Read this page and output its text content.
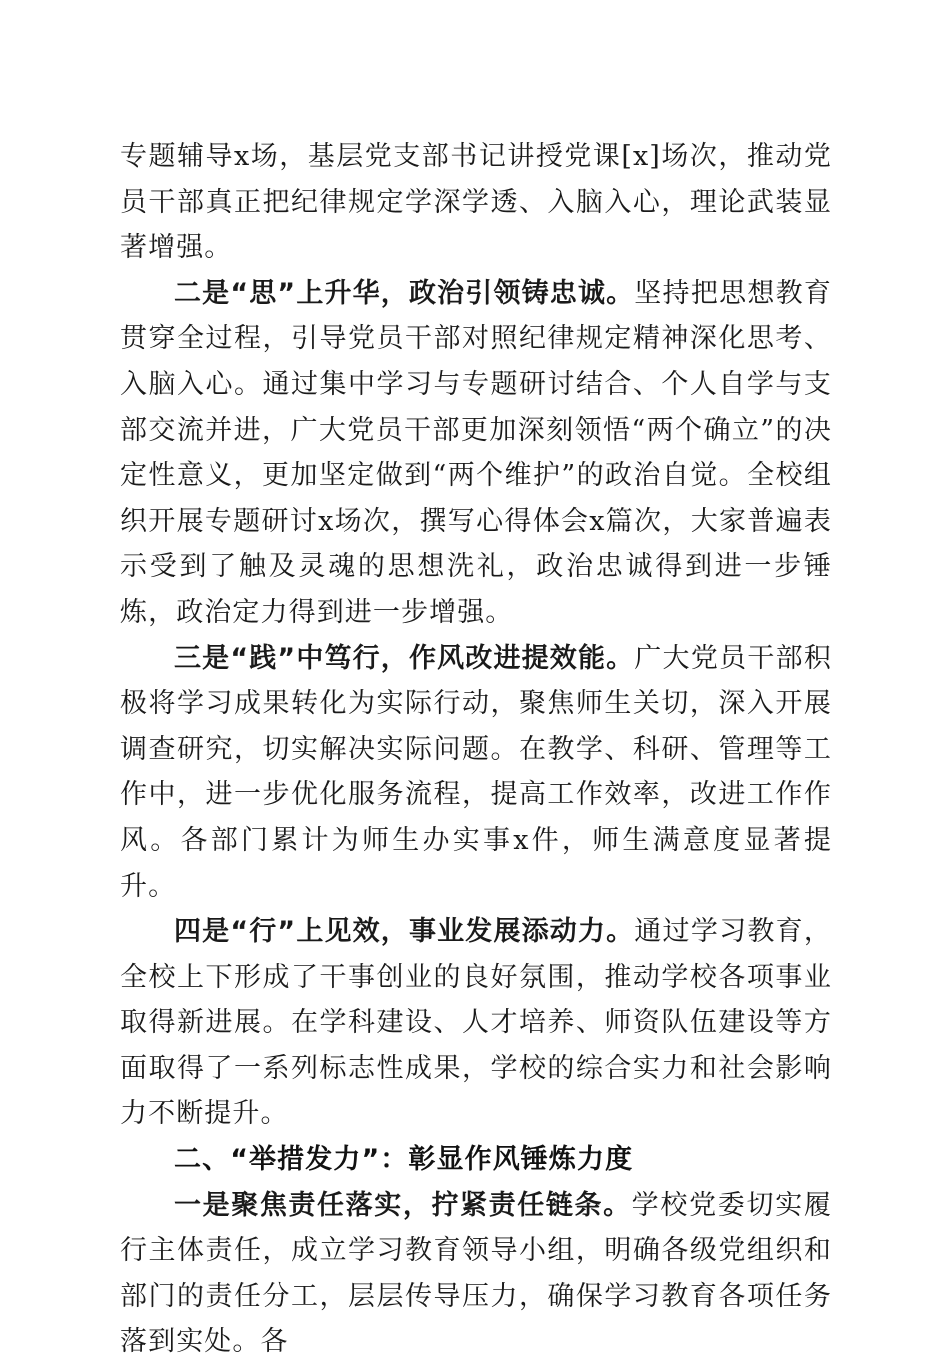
专题辅导x场，基层党支部书记讲授党课[x]场次，推动党员干部真正把纪律规定学深学透、入脑入心，理论武装显著增强。

二是“思”上升华，政治引领铸忠诚。坚持把思想教育贯穿全过程，引导党员干部对照纪律规定精神深化思考、入脑入心。通过集中学习与专题研讨结合、个人自学与支部交流并进，广大党员干部更加深刻领悟“两个确立”的决定性意义，更加坚定做到“两个维护”的政治自觉。全校组织开展专题研讨x场次，撰写心得体会x篇次，大家普遍表示受到了触及灵魂的思想洗礼，政治忠诚得到进一步锤炼，政治定力得到进一步增强。

三是“践”中笃行，作风改进提效能。广大党员干部积极将学习成果转化为实际行动，聚焦师生关切，深入开展调查研究，切实解决实际问题。在教学、科研、管理等工作中，进一步优化服务流程，提高工作效率，改进工作作风。各部门累计为师生办实事x件，师生满意度显著提升。

四是“行”上见效，事业发展添动力。通过学习教育，全校上下形成了干事创业的良好氛围，推动学校各项事业取得新进展。在学科建设、人才培养、师资队伍建设等方面取得了一系列标志性成果，学校的综合实力和社会影响力不断提升。

二、“举措发力”：彰显作风锤炼力度

一是聚焦责任落实，拧紧责任链条。学校党委切实履行主体责任，成立学习教育领导小组，明确各级党组织和部门的责任分工，层层传导压力，确保学习教育各项任务落到实处。各
